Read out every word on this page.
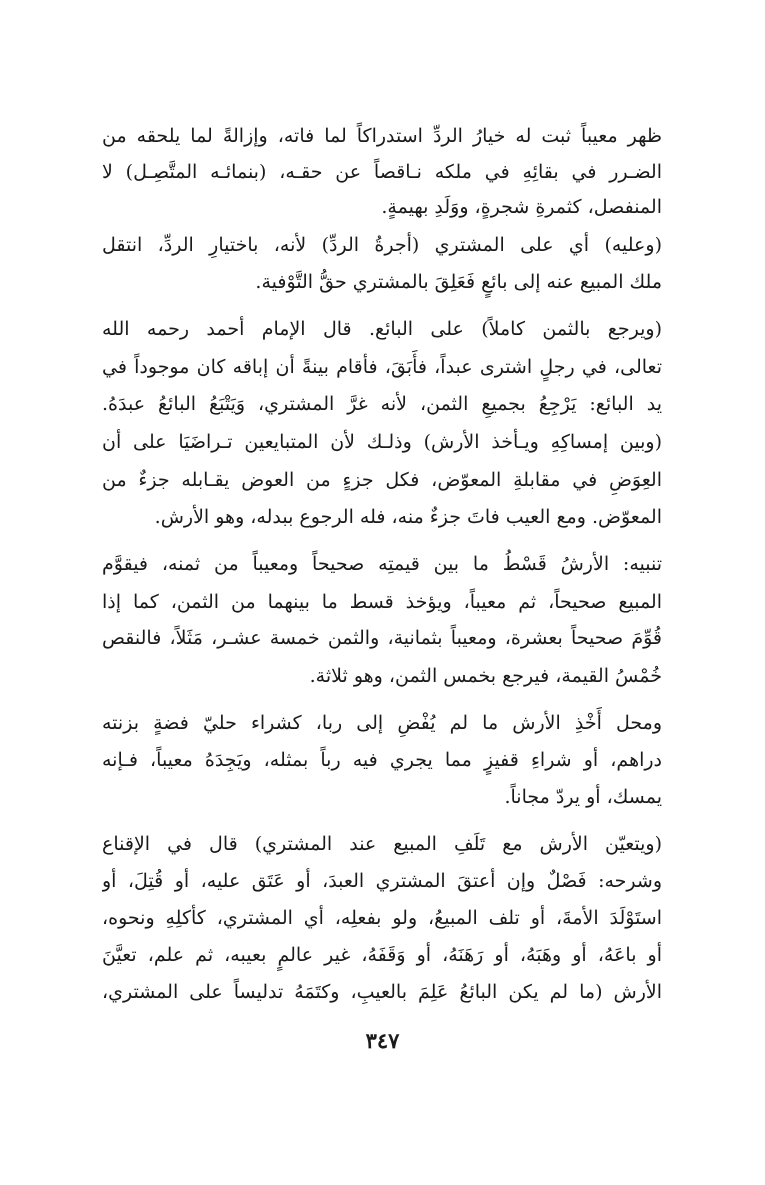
ظهر معيباً ثبت له خيارُ الردِّ استدراكاً لما فاته، وإزالةً لما يلحقه من
الضـرر في بقائِهِ في ملكه نـاقصاً عن حقـه، (بنمائـه المتَّصِـل) لا
المنفصل، كثمرةِ شجرةٍ، ووَلَدِ بهيمةٍ.
(وعليه) أي على المشتري (أجرةُ الردِّ) لأنه، باختيارِ الردِّ، انتقل
ملك المبيع عنه إلى بائعٍ فَعَلِقَ بالمشتري حقُّ التَّوْفية.
(ويرجع بالثمن كاملاً) على البائع. قال الإمام أحمد رحمه الله
تعالى، في رجلٍ اشترى عبداً، فأَبَقَ، فأقام بينةً أن إباقه كان موجوداً في
يد البائع: يَرْجِعُ بجميعِ الثمن، لأنه غرَّ المشتري، وَيَتْبَعُ البائعُ عبدَهُ.
(وبين إمساكِهِ ويـأخذ الأرش) وذلـك لأن المتبايعين تـراضَيَا على أن
العِوَضِ في مقابلةِ المعوّض، فكل جزءٍ من العوض يقـابله جزءٌ من
المعوّض. ومع العيب فاتَ جزءٌ منه، فله الرجوع ببدله، وهو الأرش.
تنبيه: الأرشُ قَسْطُ ما بين قيمتِه صحيحاً ومعيباً من ثمنه، فيقوَّم
المبيع صحيحاً، ثم معيباً، ويؤخذ قسط ما بينهما من الثمن، كما إذا
قُوِّمَ صحيحاً بعشرة، ومعيباً بثمانية، والثمن خمسة عشـر، مَثَلاً، فالنقص
خُمْسُ القيمة، فيرجع بخمس الثمن، وهو ثلاثة.
ومحل أَخْذِ الأرش ما لم يُفْضِ إلى ربا، كشراء حليّ فضةٍ بزنته
دراهم، أو شراءِ قفيزٍ مما يجري فيه رباً بمثله، ويَجِدَهُ معيباً، فـإنه
يمسك، أو يردّ مجاناً.
(ويتعيّن الأرش مع تَلَفِ المبيع عند المشتري) قال في الإقناع
وشرحه: فَصْلٌ وإن أعتقَ المشتري العبدَ، أو عَتَق عليه، أو قُتِلَ، أو
استَوْلَدَ الأمةَ، أو تلف المبيعُ، ولو بفعلِه، أي المشتري، كأكلِهِ ونحوه،
أو باعَهُ، أو وهَبَهُ، أو رَهَنَهُ، أو وَقَفَهُ، غير عالمٍ بعيبه، ثم علم، تعيَّنَ
الأرش (ما لم يكن البائعُ عَلِمَ بالعيبِ، وكتَمَهُ تدليساً على المشتري،
٣٤٧
